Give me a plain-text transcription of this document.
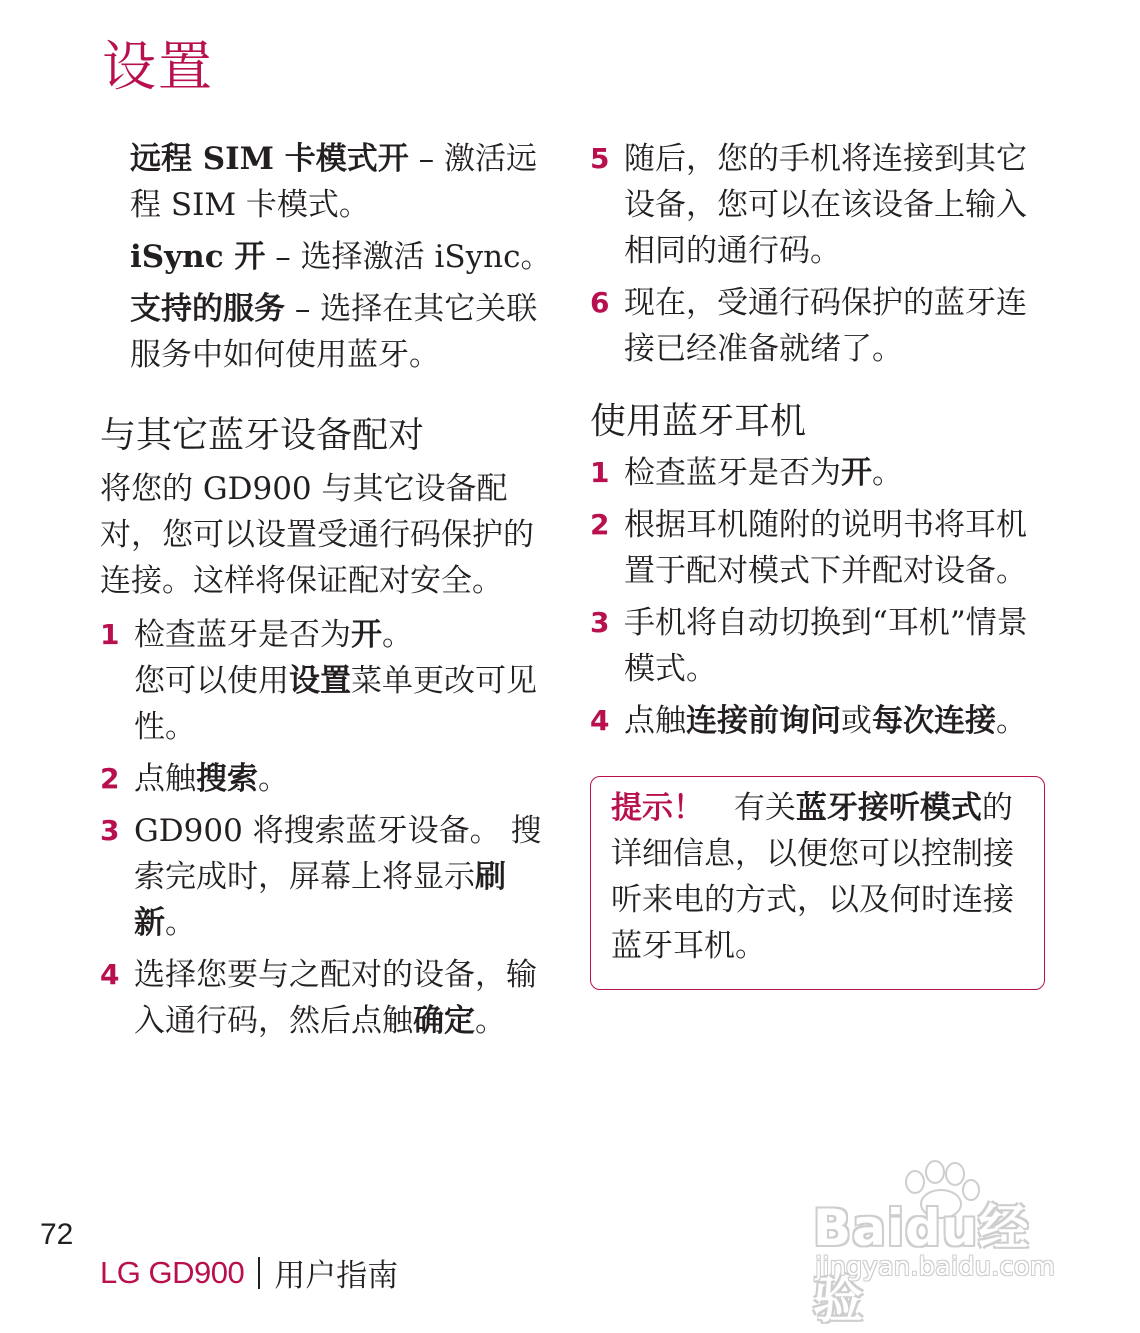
设置

远程 SIM 卡模式开 – 激活远程 SIM 卡模式。

iSync 开 – 选择激活 iSync。

支持的服务 – 选择在其它关联服务中如何使用蓝牙。

与其它蓝牙设备配对

将您的 GD900 与其它设备配对，您可以设置受通行码保护的连接。这样将保证配对安全。

1 检查蓝牙是否为开。
您可以使用设置菜单更改可见性。
2 点触搜索。
3 GD900 将搜索蓝牙设备。 搜索完成时，屏幕上将显示刷新。
4 选择您要与之配对的设备，输入通行码，然后点触确定。
5 随后，您的手机将连接到其它设备，您可以在该设备上输入相同的通行码。
6 现在，受通行码保护的蓝牙连接已经准备就绪了。
使用蓝牙耳机
1 检查蓝牙是否为开。
2 根据耳机随附的说明书将耳机置于配对模式下并配对设备。
3 手机将自动切换到“耳机”情景模式。
4 点触连接前询问或每次连接。
提示！ 有关蓝牙接听模式的详细信息，以便您可以控制接听来电的方式，以及何时连接蓝牙耳机。
72
LG GD900 用户指南
Baidu经验
jingyan.baidu.com
